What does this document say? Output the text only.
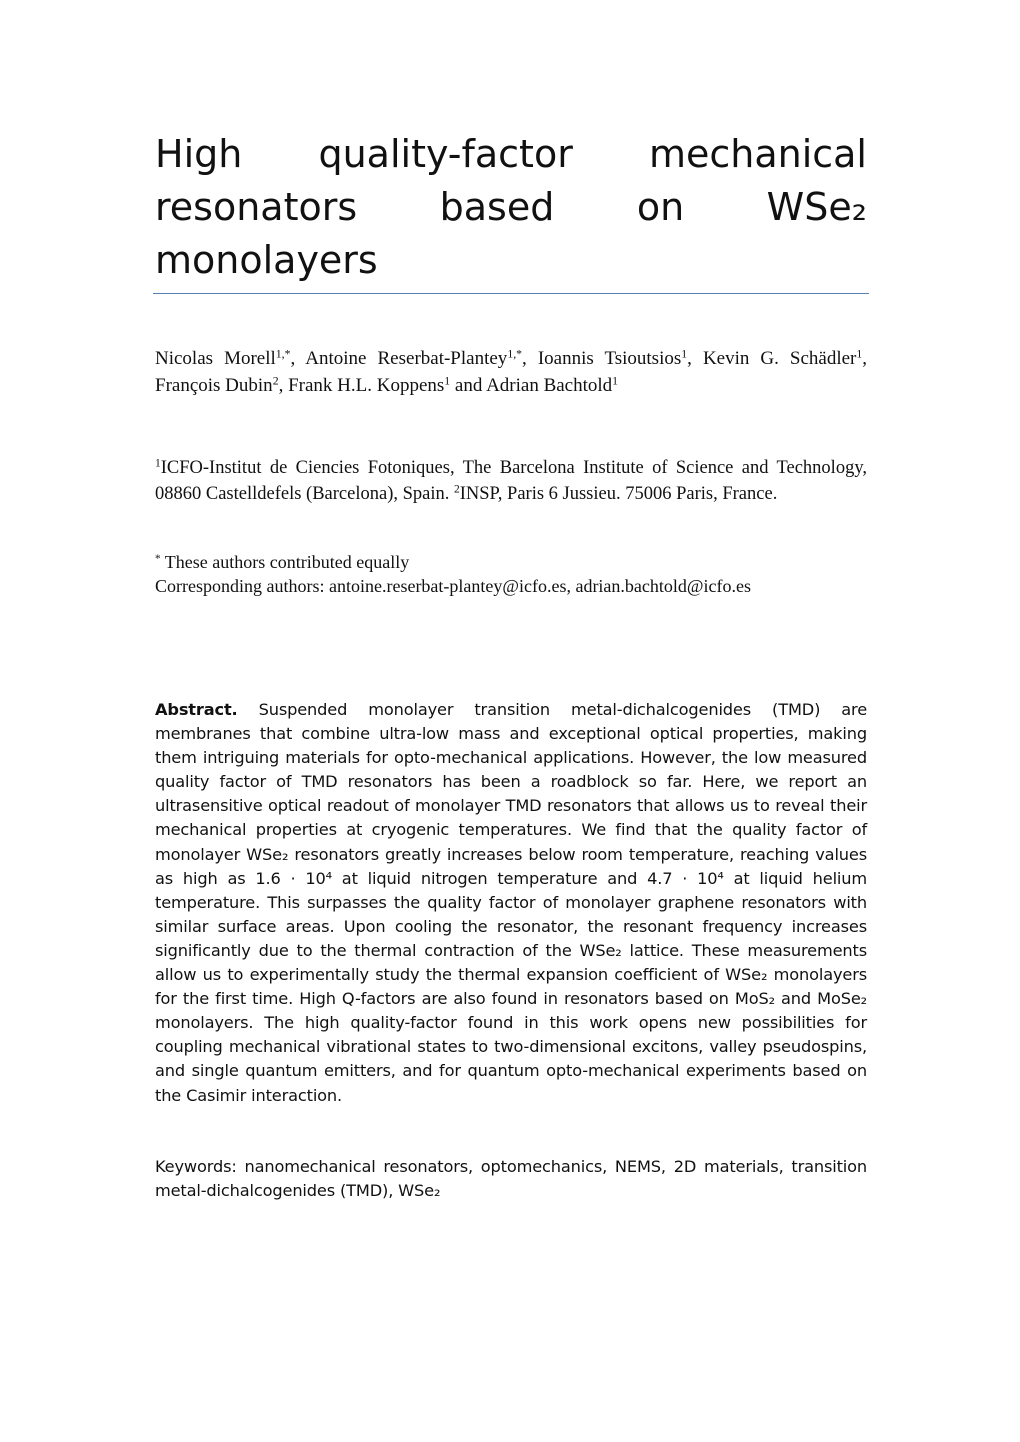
High quality-factor mechanical resonators based on WSe₂ monolayers

Nicolas Morell$^{1,*}$, Antoine Reserbat-Plantey$^{1,*}$, Ioannis Tsioutsios$^1$, Kevin G. Schädler$^1$, François Dubin$^2$, Frank H.L. Koppens$^1$ and Adrian Bachtold$^1$

$^1$ICFO-Institut de Ciencies Fotoniques, The Barcelona Institute of Science and Technology, 08860 Castelldefels (Barcelona), Spain. $^2$INSP, Paris 6 Jussieu. 75006 Paris, France.

* These authors contributed equally
Corresponding authors: antoine.reserbat-plantey@icfo.es, adrian.bachtold@icfo.es

Abstract. Suspended monolayer transition metal-dichalcogenides (TMD) are membranes that combine ultra-low mass and exceptional optical properties, making them intriguing materials for opto-mechanical applications. However, the low measured quality factor of TMD resonators has been a roadblock so far. Here, we report an ultrasensitive optical readout of monolayer TMD resonators that allows us to reveal their mechanical properties at cryogenic temperatures. We find that the quality factor of monolayer WSe₂ resonators greatly increases below room temperature, reaching values as high as 1.6 · 10⁴ at liquid nitrogen temperature and 4.7 · 10⁴ at liquid helium temperature. This surpasses the quality factor of monolayer graphene resonators with similar surface areas. Upon cooling the resonator, the resonant frequency increases significantly due to the thermal contraction of the WSe₂ lattice. These measurements allow us to experimentally study the thermal expansion coefficient of WSe₂ monolayers for the first time. High Q-factors are also found in resonators based on MoS₂ and MoSe₂ monolayers. The high quality-factor found in this work opens new possibilities for coupling mechanical vibrational states to two-dimensional excitons, valley pseudospins, and single quantum emitters, and for quantum opto-mechanical experiments based on the Casimir interaction.

Keywords: nanomechanical resonators, optomechanics, NEMS, 2D materials, transition metal-dichalcogenides (TMD), WSe₂
